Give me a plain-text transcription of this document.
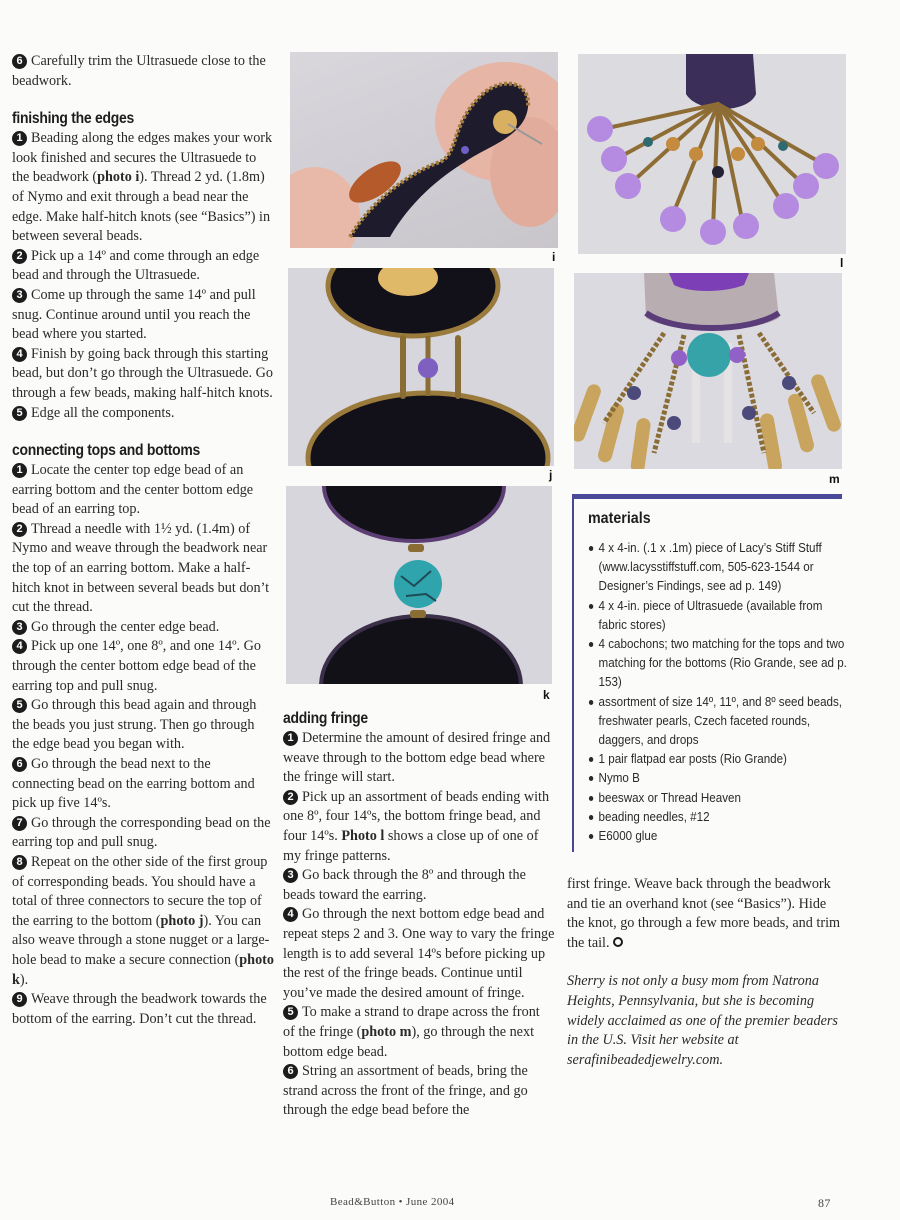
6 Carefully trim the Ultrasuede close to the beadwork.

finishing the edges

1 Beading along the edges makes your work look finished and secures the Ultrasuede to the beadwork (photo i). Thread 2 yd. (1.8m) of Nymo and exit through a bead near the edge. Make half-hitch knots (see “Basics”) in between several beads.

2 Pick up a 14º and come through an edge bead and through the Ultrasuede.

3 Come up through the same 14º and pull snug. Continue around until you reach the bead where you started.

4 Finish by going back through this starting bead, but don’t go through the Ultrasuede. Go through a few beads, making half-hitch knots.

5 Edge all the components.

connecting tops and bottoms

1 Locate the center top edge bead of an earring bottom and the center bottom edge bead of an earring top.

2 Thread a needle with 1½ yd. (1.4m) of Nymo and weave through the beadwork near the top of an earring bottom. Make a half-hitch knot in between several beads but don’t cut the thread.

3 Go through the center edge bead.

4 Pick up one 14º, one 8º, and one 14º. Go through the center bottom edge bead of the earring top and pull snug.

5 Go through this bead again and through the beads you just strung. Then go through the edge bead you began with.

6 Go through the bead next to the connecting bead on the earring bottom and pick up five 14ºs.

7 Go through the corresponding bead on the earring top and pull snug.

8 Repeat on the other side of the first group of corresponding beads. You should have a total of three connectors to secure the top of the earring to the bottom (photo j). You can also weave through a stone nugget or a large-hole bead to make a secure connection (photo k).

9 Weave through the beadwork towards the bottom of the earring. Don’t cut the thread.

i	l
j	m
k
adding fringe

1 Determine the amount of desired fringe and weave through to the bottom edge bead where the fringe will start.

2 Pick up an assortment of beads ending with one 8º, four 14ºs, the bottom fringe bead, and four 14ºs. Photo l shows a close up of one of my fringe patterns.

3 Go back through the 8º and through the beads toward the earring.

4 Go through the next bottom edge bead and repeat steps 2 and 3. One way to vary the fringe length is to add several 14ºs before picking up the rest of the fringe beads. Continue until you’ve made the desired amount of fringe.

5 To make a strand to drape across the front of the fringe (photo m), go through the next bottom edge bead.

6 String an assortment of beads, bring the strand across the front of the fringe, and go through the edge bead before the

materials
4 x 4-in. (.1 x .1m) piece of Lacy’s Stiff Stuff (www.lacysstiffstuff.com, 505-623-1544 or Designer’s Findings, see ad p. 149)
4 x 4-in. piece of Ultrasuede (available from fabric stores)
4 cabochons; two matching for the tops and two matching for the bottoms (Rio Grande, see ad p. 153)
assortment of size 14º, 11º, and 8º seed beads, freshwater pearls, Czech faceted rounds, daggers, and drops
1 pair flatpad ear posts (Rio Grande)
Nymo B
beeswax or Thread Heaven
beading needles, #12
E6000 glue

first fringe. Weave back through the beadwork and tie an overhand knot (see “Basics”). Hide the knot, go through a few more beads, and trim the tail.

Sherry is not only a busy mom from Natrona Heights, Pennsylvania, but she is becoming widely acclaimed as one of the premier beaders in the U.S. Visit her website at serafinibeadedjewelry.com.

Bead&Button • June 2004	87
